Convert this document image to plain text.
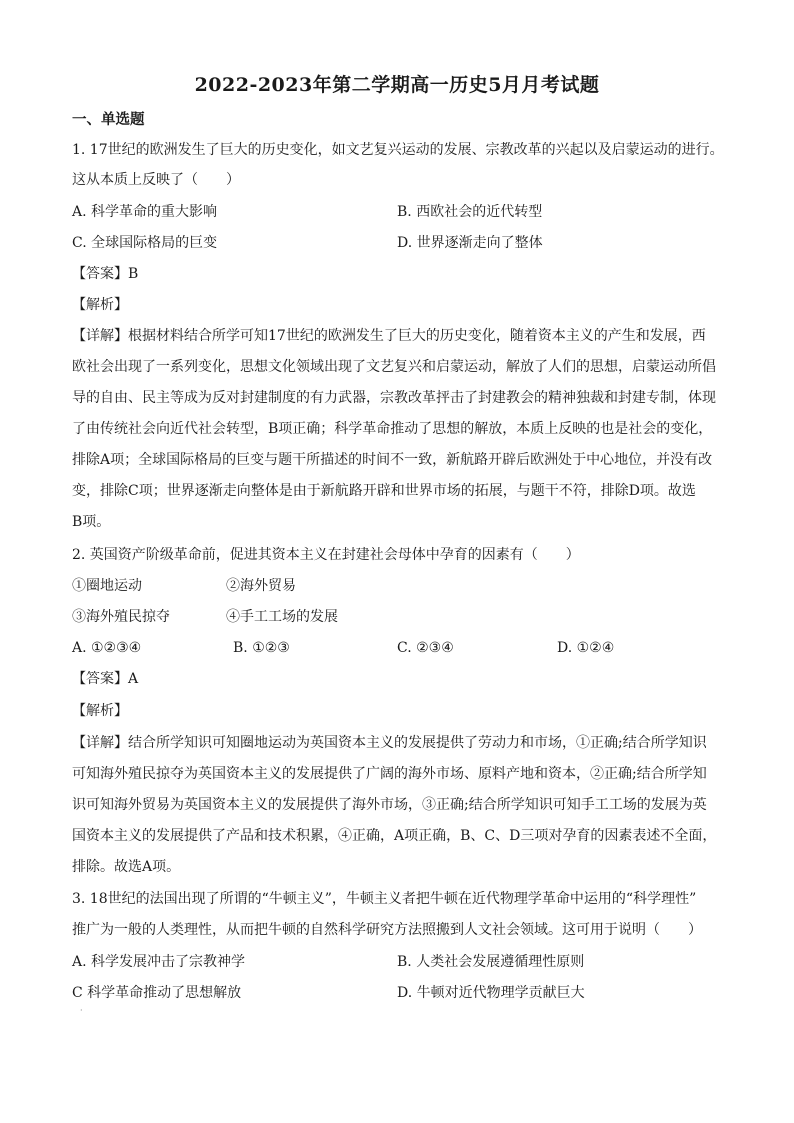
2022-2023年第二学期高一历史5月月考试题
一、单选题
1. 17世纪的欧洲发生了巨大的历史变化，如文艺复兴运动的发展、宗教改革的兴起以及启蒙运动的进行。
这从本质上反映了（　　）
A. 科学革命的重大影响	B. 西欧社会的近代转型
C. 全球国际格局的巨变	D. 世界逐渐走向了整体
【答案】B
【解析】
【详解】根据材料结合所学可知17世纪的欧洲发生了巨大的历史变化，随着资本主义的产生和发展，西
欧社会出现了一系列变化，思想文化领域出现了文艺复兴和启蒙运动，解放了人们的思想，启蒙运动所倡
导的自由、民主等成为反对封建制度的有力武器，宗教改革抨击了封建教会的精神独裁和封建专制，体现
了由传统社会向近代社会转型，B项正确；科学革命推动了思想的解放，本质上反映的也是社会的变化，
排除A项；全球国际格局的巨变与题干所描述的时间不一致，新航路开辟后欧洲处于中心地位，并没有改
变，排除C项；世界逐渐走向整体是由于新航路开辟和世界市场的拓展，与题干不符，排除D项。故选
B项。
2. 英国资产阶级革命前，促进其资本主义在封建社会母体中孕育的因素有（　　）
①圈地运动	②海外贸易
③海外殖民掠夺	④手工工场的发展
A. ①②③④	B. ①②③	C. ②③④	D. ①②④
【答案】A
【解析】
【详解】结合所学知识可知圈地运动为英国资本主义的发展提供了劳动力和市场，①正确;结合所学知识
可知海外殖民掠夺为英国资本主义的发展提供了广阔的海外市场、原料产地和资本，②正确;结合所学知
识可知海外贸易为英国资本主义的发展提供了海外市场，③正确;结合所学知识可知手工工场的发展为英
国资本主义的发展提供了产品和技术积累，④正确，A项正确，B、C、D三项对孕育的因素表述不全面，
排除。故选A项。
3. 18世纪的法国出现了所谓的“牛顿主义”，牛顿主义者把牛顿在近代物理学革命中运用的“科学理性”
推广为一般的人类理性，从而把牛顿的自然科学研究方法照搬到人文社会领域。这可用于说明（　　）
A. 科学发展冲击了宗教神学	B. 人类社会发展遵循理性原则
C 科学革命推动了思想解放	D. 牛顿对近代物理学贡献巨大
·
